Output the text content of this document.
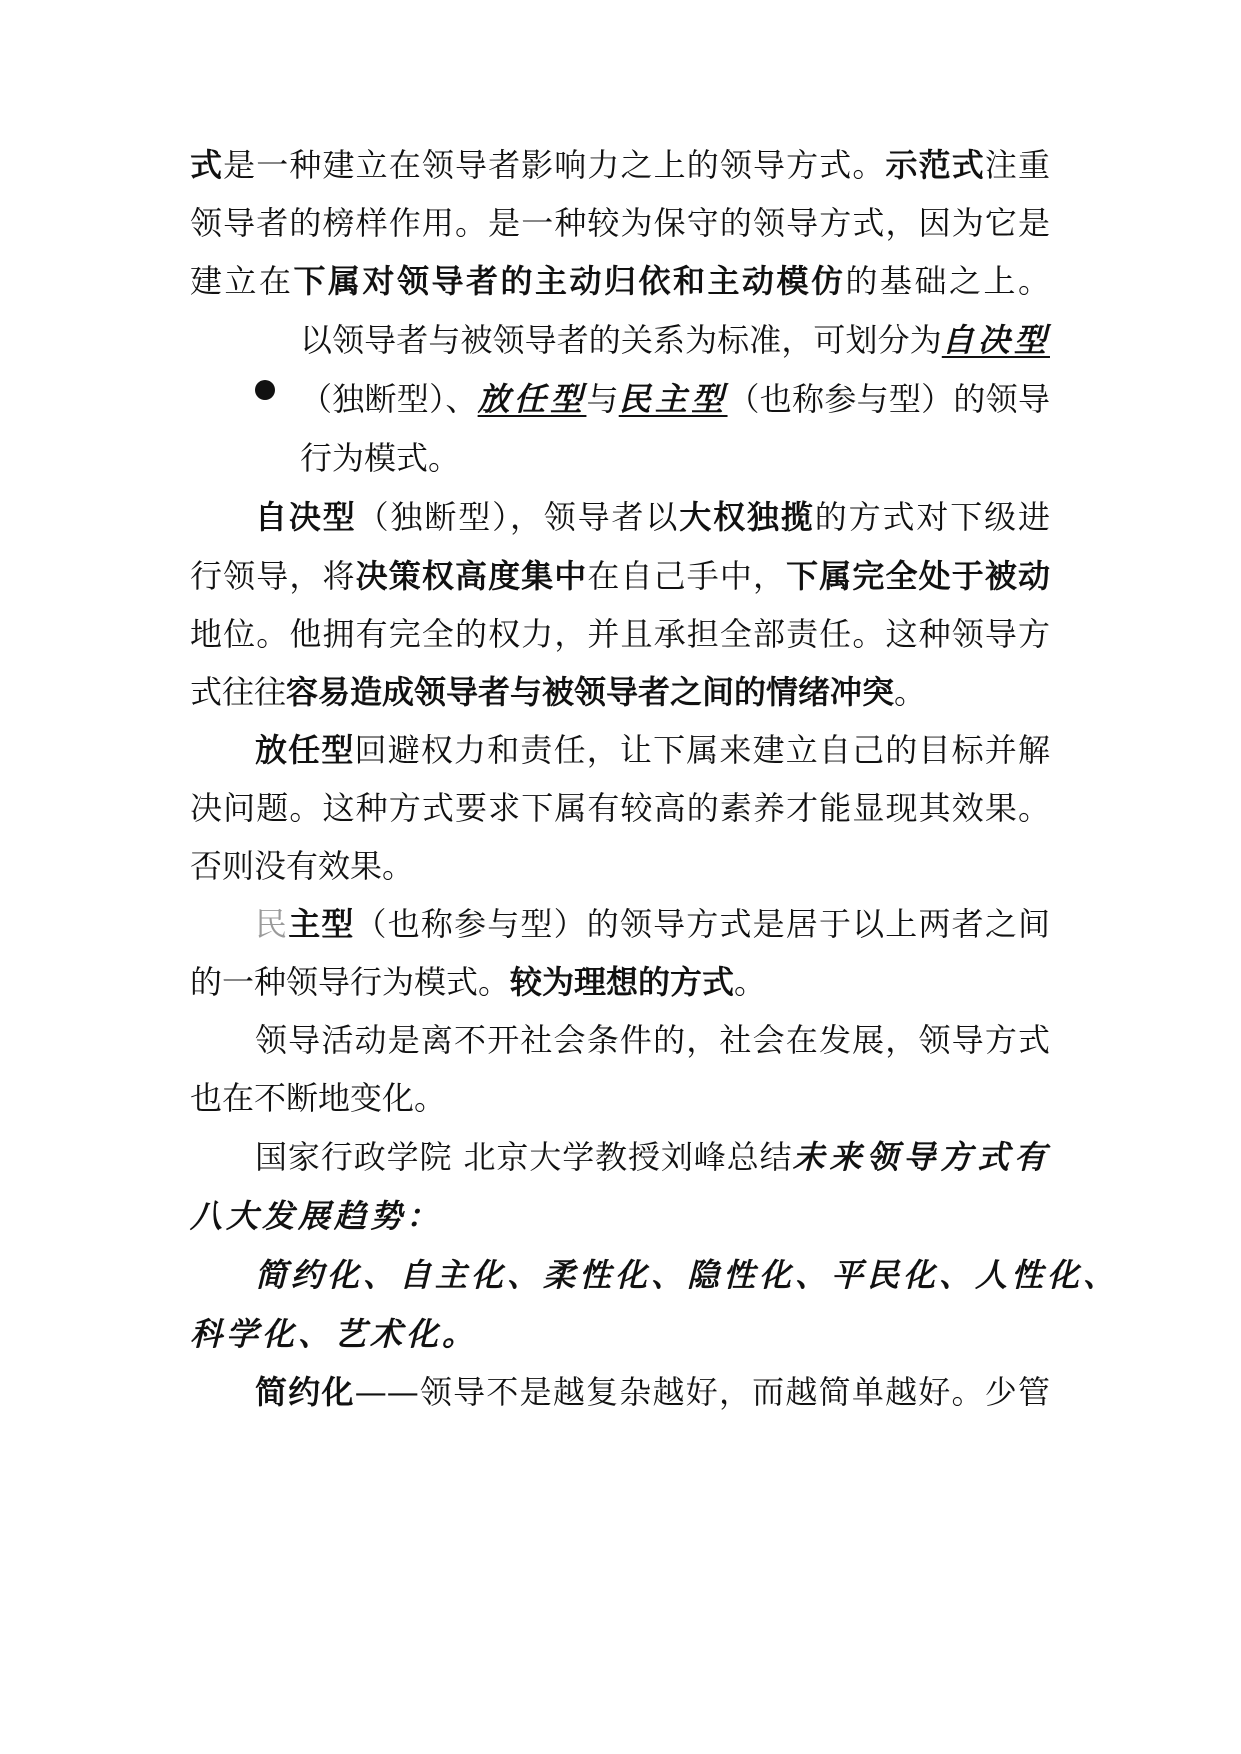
式是一种建立在领导者影响力之上的领导方式。示范式注重
领导者的榜样作用。是一种较为保守的领导方式，因为它是
建立在下属对领导者的主动归依和主动模仿的基础之上。
以领导者与被领导者的关系为标准，可划分为自决型
（独断型）、放任型与民主型（也称参与型）的领导
行为模式。
自决型（独断型），领导者以大权独揽的方式对下级进
行领导，将决策权高度集中在自己手中，下属完全处于被动
地位。他拥有完全的权力，并且承担全部责任。这种领导方
式往往容易造成领导者与被领导者之间的情绪冲突。
放任型回避权力和责任，让下属来建立自己的目标并解
决问题。这种方式要求下属有较高的素养才能显现其效果。
否则没有效果。
民主型（也称参与型）的领导方式是居于以上两者之间
的一种领导行为模式。较为理想的方式。
领导活动是离不开社会条件的，社会在发展，领导方式
也在不断地变化。
国家行政学院 北京大学教授刘峰总结未来领导方式有
八大发展趋势：
简约化、自主化、柔性化、隐性化、平民化、人性化、
科学化、艺术化。
简约化——领导不是越复杂越好，而越简单越好。少管
